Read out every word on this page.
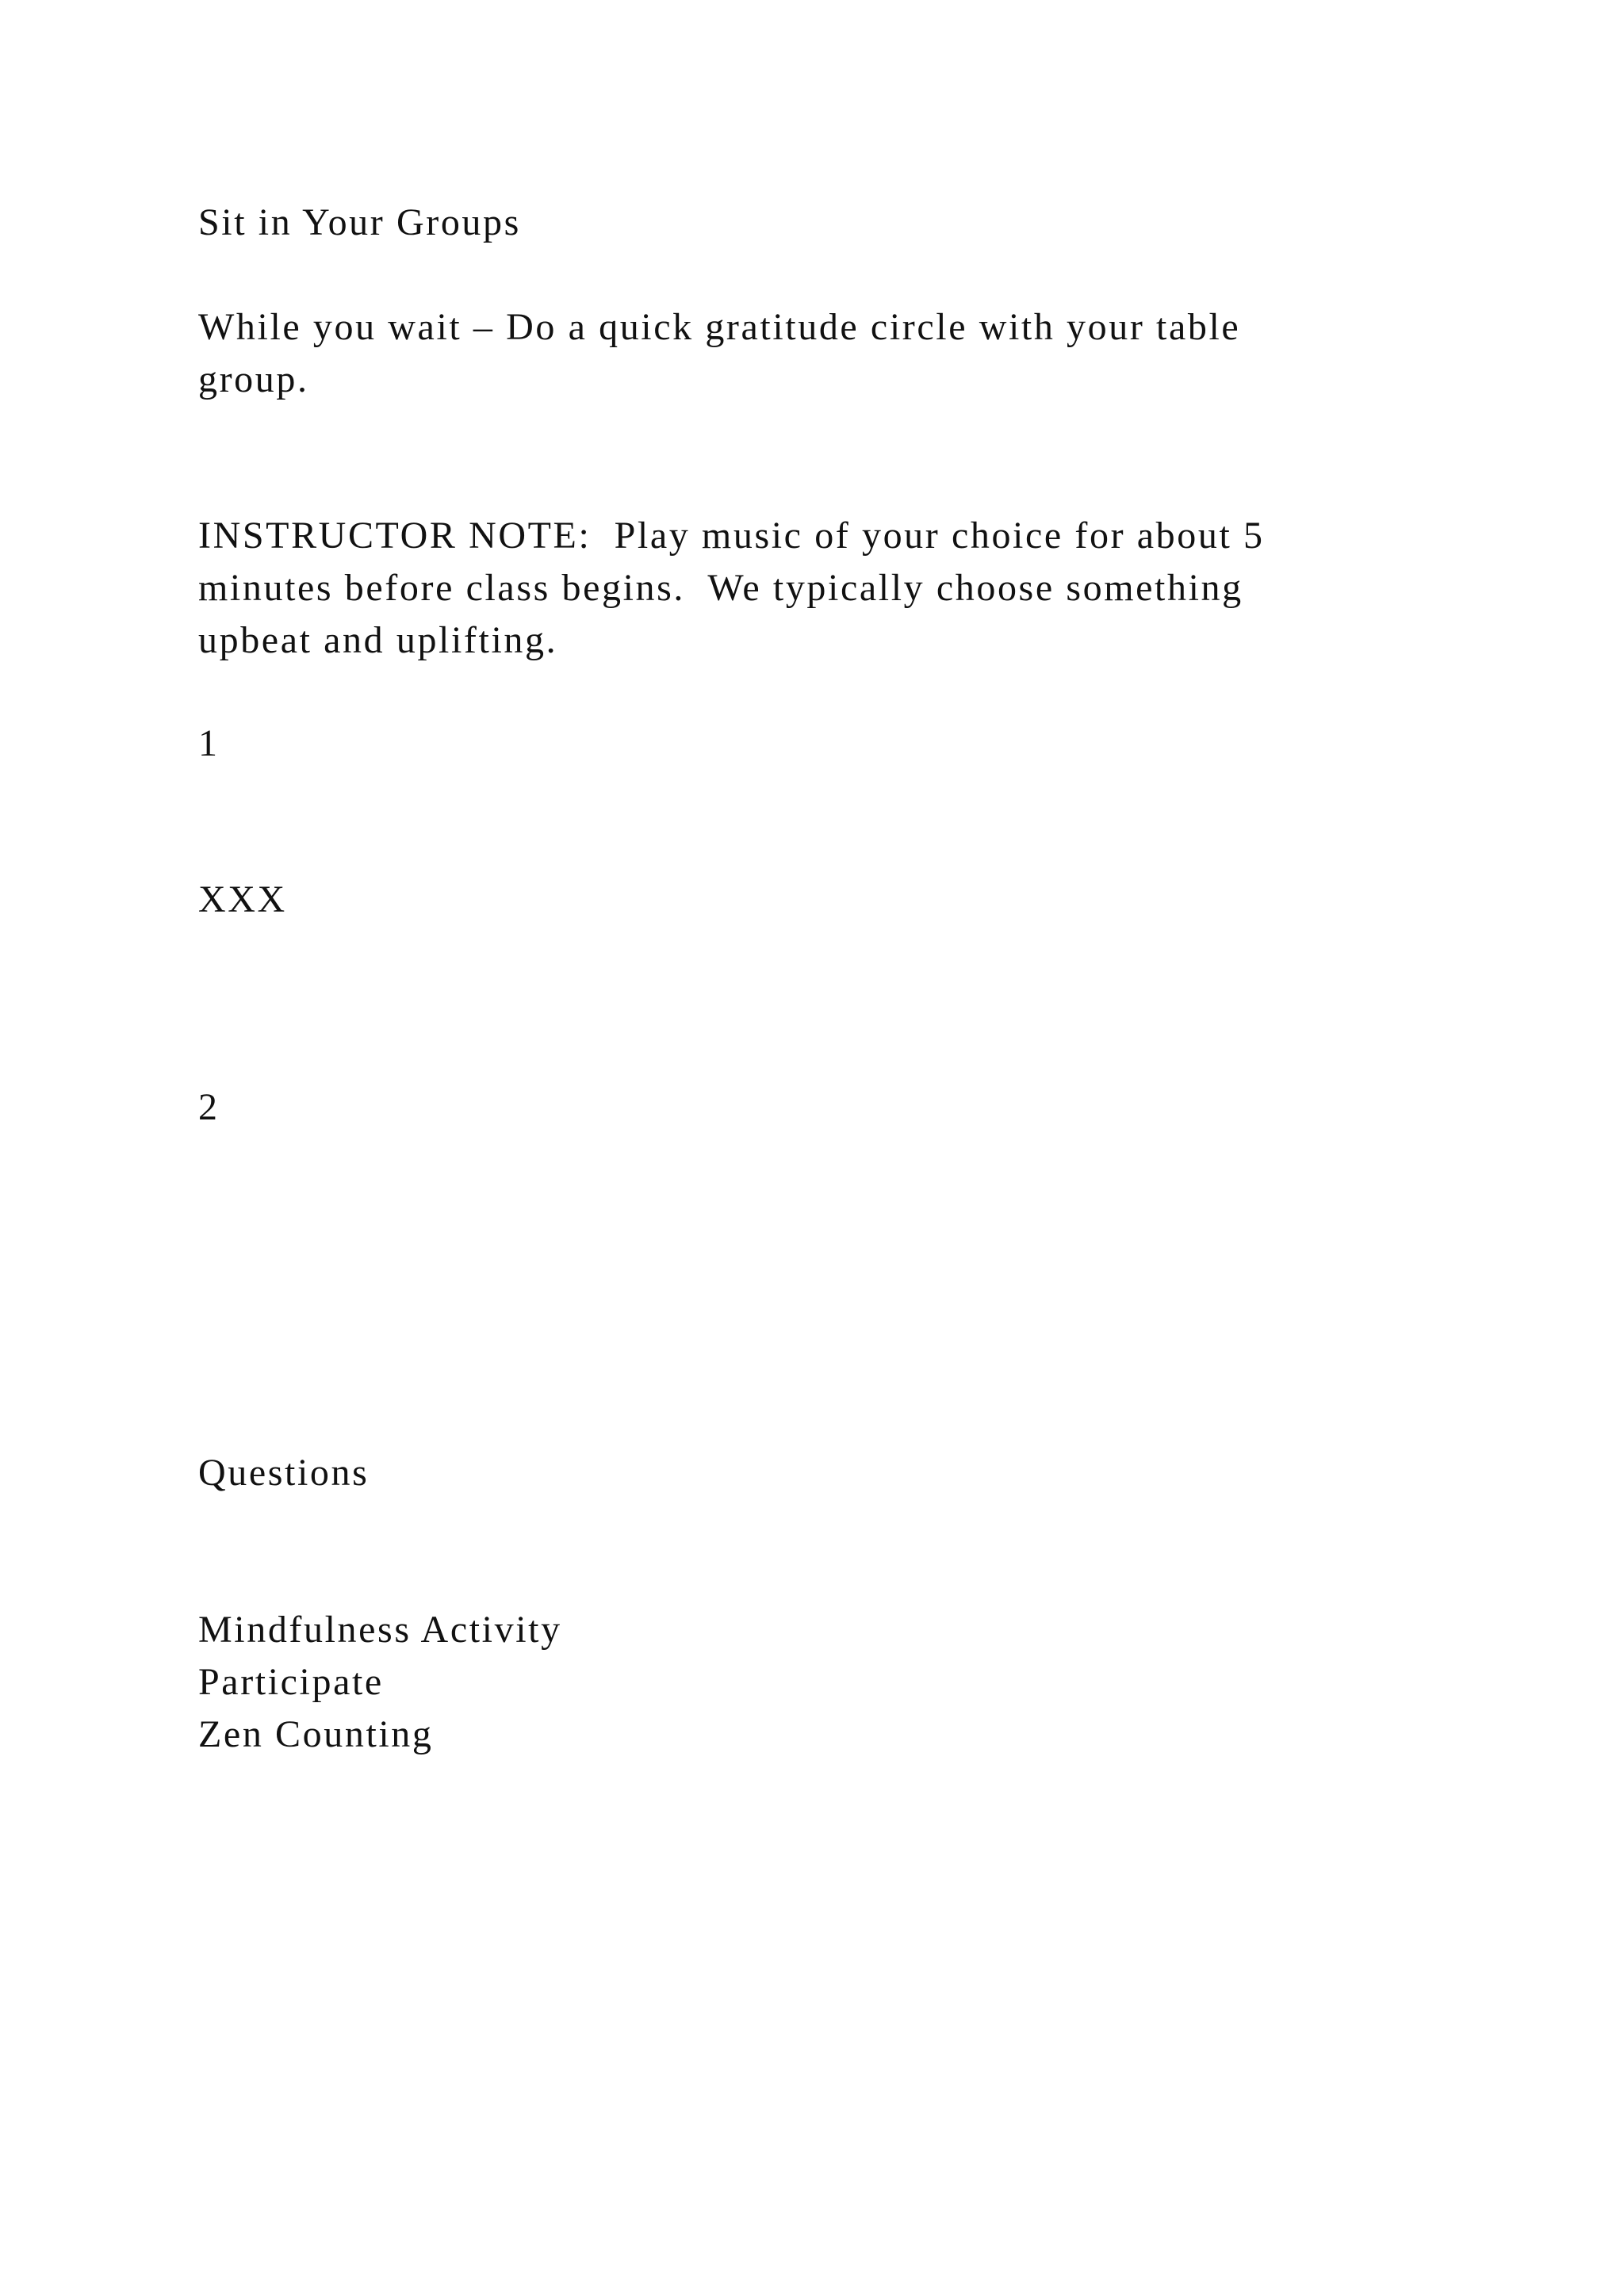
Sit in Your Groups

While you wait – Do a quick gratitude circle with your table

group.

INSTRUCTOR NOTE:  Play music of your choice for about 5

minutes before class begins.  We typically choose something

upbeat and uplifting.

1

XXX

2

Questions

Mindfulness Activity

Participate

Zen Counting
